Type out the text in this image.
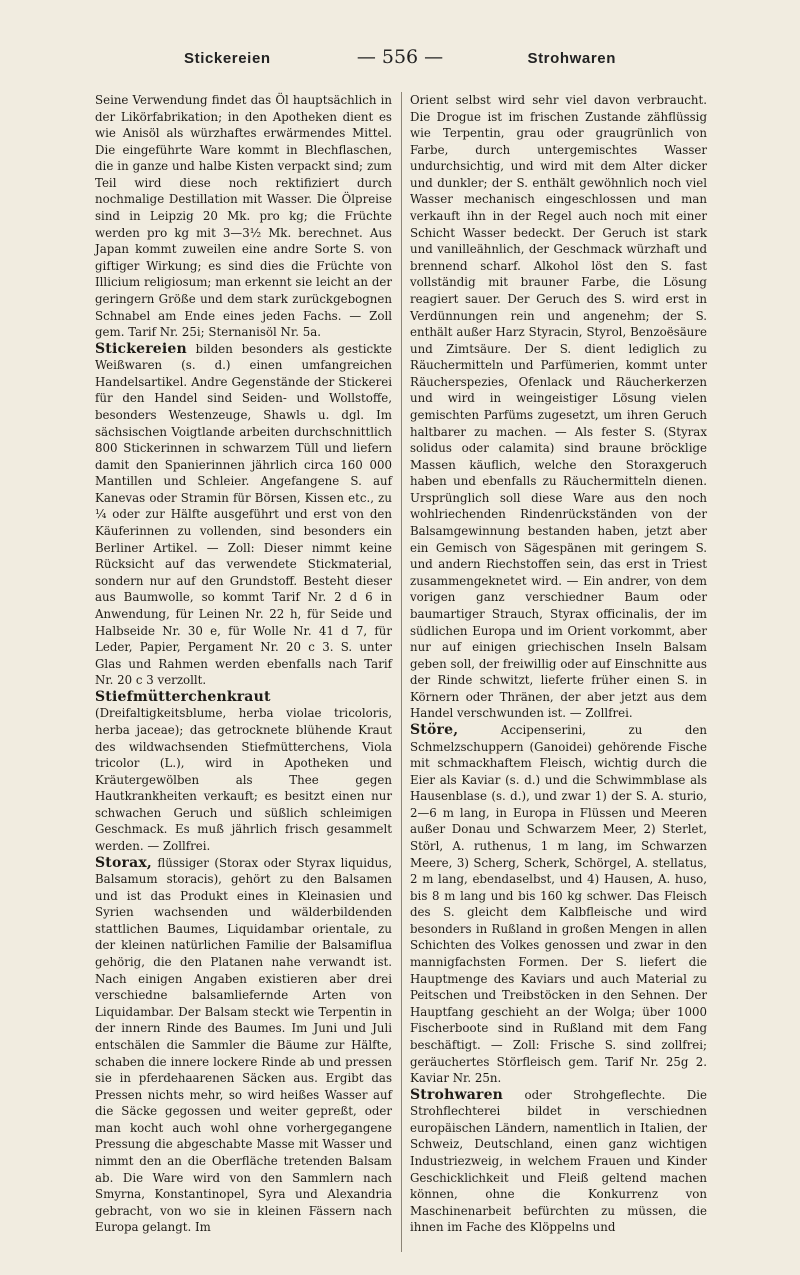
Stickereien	— 556 —	Strohwaren

Seine Verwendung findet das Öl hauptsächlich in der Likörfabrikation; in den Apotheken dient es wie Anisöl als würzhaftes erwärmendes Mittel. Die eingeführte Ware kommt in Blechflaschen, die in ganze und halbe Kisten verpackt sind; zum Teil wird diese noch rektifiziert durch nochmalige Destillation mit Wasser. Die Ölpreise sind in Leipzig 20 Mk. pro kg; die Früchte werden pro kg mit 3—3½ Mk. berechnet. Aus Japan kommt zuweilen eine andre Sorte S. von giftiger Wirkung; es sind dies die Früchte von Illicium religiosum; man erkennt sie leicht an der geringern Größe und dem stark zurückgebognen Schnabel am Ende eines jeden Fachs. — Zoll gem. Tarif Nr. 25i; Sternanisöl Nr. 5a.

Stickereien bilden besonders als gestickte Weißwaren (s. d.) einen umfangreichen Handelsartikel. Andre Gegenstände der Stickerei für den Handel sind Seiden- und Wollstoffe, besonders Westenzeuge, Shawls u. dgl. Im sächsischen Voigtlande arbeiten durchschnittlich 800 Stickerinnen in schwarzem Tüll und liefern damit den Spanierinnen jährlich circa 160 000 Mantillen und Schleier. Angefangene S. auf Kanevas oder Stramin für Börsen, Kissen etc., zu ¼ oder zur Hälfte ausgeführt und erst von den Käuferinnen zu vollenden, sind besonders ein Berliner Artikel. — Zoll: Dieser nimmt keine Rücksicht auf das verwendete Stickmaterial, sondern nur auf den Grundstoff. Besteht dieser aus Baumwolle, so kommt Tarif Nr. 2 d 6 in Anwendung, für Leinen Nr. 22 h, für Seide und Halbseide Nr. 30 e, für Wolle Nr. 41 d 7, für Leder, Papier, Pergament Nr. 20 c 3. S. unter Glas und Rahmen werden ebenfalls nach Tarif Nr. 20 c 3 verzollt.

Stiefmütterchenkraut (Dreifaltigkeitsblume, herba violae tricoloris, herba jaceae); das getrocknete blühende Kraut des wildwachsenden Stiefmütterchens, Viola tricolor (L.), wird in Apotheken und Kräutergewölben als Thee gegen Hautkrankheiten verkauft; es besitzt einen nur schwachen Geruch und süßlich schleimigen Geschmack. Es muß jährlich frisch gesammelt werden. — Zollfrei.

Storax, flüssiger (Storax oder Styrax liquidus, Balsamum storacis), gehört zu den Balsamen und ist das Produkt eines in Kleinasien und Syrien wachsenden und wälderbildenden stattlichen Baumes, Liquidambar orientale, zu der kleinen natürlichen Familie der Balsamiflua gehörig, die den Platanen nahe verwandt ist. Nach einigen Angaben existieren aber drei verschiedne balsamliefernde Arten von Liquidambar. Der Balsam steckt wie Terpentin in der innern Rinde des Baumes. Im Juni und Juli entschälen die Sammler die Bäume zur Hälfte, schaben die innere lockere Rinde ab und pressen sie in pferdehaarenen Säcken aus. Ergibt das Pressen nichts mehr, so wird heißes Wasser auf die Säcke gegossen und weiter gepreßt, oder man kocht auch wohl ohne vorhergegangene Pressung die abgeschabte Masse mit Wasser und nimmt den an die Oberfläche tretenden Balsam ab. Die Ware wird von den Sammlern nach Smyrna, Konstantinopel, Syra und Alexandria gebracht, von wo sie in kleinen Fässern nach Europa gelangt. Im

Orient selbst wird sehr viel davon verbraucht. Die Drogue ist im frischen Zustande zähflüssig wie Terpentin, grau oder graugrünlich von Farbe, durch untergemischtes Wasser undurchsichtig, und wird mit dem Alter dicker und dunkler; der S. enthält gewöhnlich noch viel Wasser mechanisch eingeschlossen und man verkauft ihn in der Regel auch noch mit einer Schicht Wasser bedeckt. Der Geruch ist stark und vanilleähnlich, der Geschmack würzhaft und brennend scharf. Alkohol löst den S. fast vollständig mit brauner Farbe, die Lösung reagiert sauer. Der Geruch des S. wird erst in Verdünnungen rein und angenehm; der S. enthält außer Harz Styracin, Styrol, Benzoësäure und Zimtsäure. Der S. dient lediglich zu Räuchermitteln und Parfümerien, kommt unter Räucherspezies, Ofenlack und Räucherkerzen und wird in weingeistiger Lösung vielen gemischten Parfüms zugesetzt, um ihren Geruch haltbarer zu machen. — Als fester S. (Styrax solidus oder calamita) sind braune bröcklige Massen käuflich, welche den Storaxgeruch haben und ebenfalls zu Räuchermitteln dienen. Ursprünglich soll diese Ware aus den noch wohlriechenden Rindenrückständen von der Balsamgewinnung bestanden haben, jetzt aber ein Gemisch von Sägespänen mit geringem S. und andern Riechstoffen sein, das erst in Triest zusammengeknetet wird. — Ein andrer, von dem vorigen ganz verschiedner Baum oder baumartiger Strauch, Styrax officinalis, der im südlichen Europa und im Orient vorkommt, aber nur auf einigen griechischen Inseln Balsam geben soll, der freiwillig oder auf Einschnitte aus der Rinde schwitzt, lieferte früher einen S. in Körnern oder Thränen, der aber jetzt aus dem Handel verschwunden ist. — Zollfrei.

Störe, Accipenserini, zu den Schmelzschuppern (Ganoidei) gehörende Fische mit schmackhaftem Fleisch, wichtig durch die Eier als Kaviar (s. d.) und die Schwimmblase als Hausenblase (s. d.), und zwar 1) der S. A. sturio, 2—6 m lang, in Europa in Flüssen und Meeren außer Donau und Schwarzem Meer, 2) Sterlet, Störl, A. ruthenus, 1 m lang, im Schwarzen Meere, 3) Scherg, Scherk, Schörgel, A. stellatus, 2 m lang, ebendaselbst, und 4) Hausen, A. huso, bis 8 m lang und bis 160 kg schwer. Das Fleisch des S. gleicht dem Kalbfleische und wird besonders in Rußland in großen Mengen in allen Schichten des Volkes genossen und zwar in den mannigfachsten Formen. Der S. liefert die Hauptmenge des Kaviars und auch Material zu Peitschen und Treibstöcken in den Sehnen. Der Hauptfang geschieht an der Wolga; über 1000 Fischerboote sind in Rußland mit dem Fang beschäftigt. — Zoll: Frische S. sind zollfrei; geräuchertes Störfleisch gem. Tarif Nr. 25g 2. Kaviar Nr. 25n.

Strohwaren oder Strohgeflechte. Die Strohflechterei bildet in verschiednen europäischen Ländern, namentlich in Italien, der Schweiz, Deutschland, einen ganz wichtigen Industriezweig, in welchem Frauen und Kinder Geschicklichkeit und Fleiß geltend machen können, ohne die Konkurrenz von Maschinenarbeit befürchten zu müssen, die ihnen im Fache des Klöppelns und
